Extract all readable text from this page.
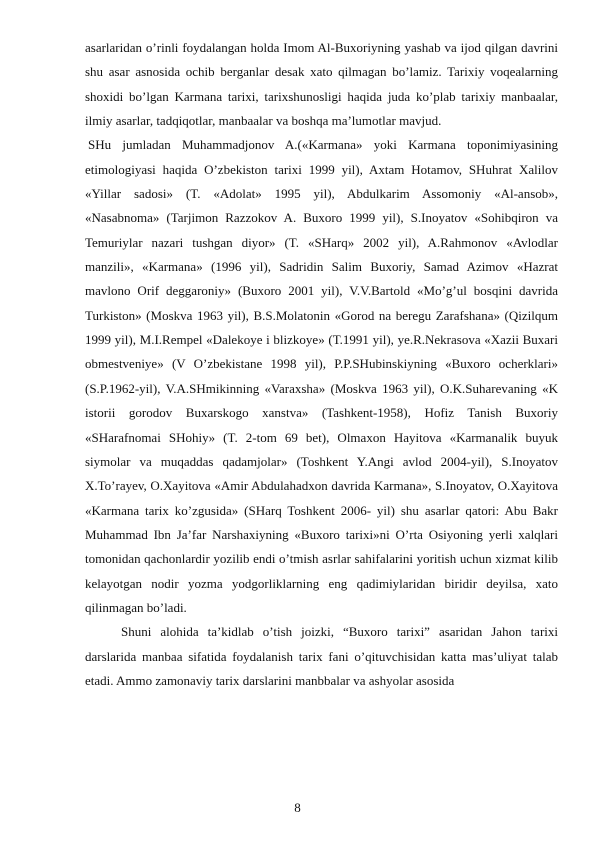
asarlaridan o’rinli foydalangan holda Imom Al-Buxoriyning yashab va ijod qilgan davrini shu asar asnosida ochib berganlar desak xato qilmagan bo’lamiz. Tarixiy voqealarning shoxidi bo’lgan Karmana tarixi, tarixshunosligi haqida juda ko’plab tarixiy manbaalar, ilmiy asarlar, tadqiqotlar, manbaalar va boshqa ma’lumotlar mavjud.

SHu jumladan Muhammadjonov A.(«Karmana» yoki Karmana toponimiyasining etimologiyasi haqida O’zbekiston tarixi 1999 yil), Axtam Hotamov, SHuhrat Xalilov «Yillar sadosi» (T. «Adolat» 1995 yil), Abdulkarim Assomoniy «Al-ansob», «Nasabnoma» (Tarjimon Razzokov A. Buxoro 1999 yil), S.Inoyatov «Sohibqiron va Temuriylar nazari tushgan diyor» (T. «SHarq» 2002 yil), A.Rahmonov «Avlodlar manzili», «Karmana» (1996 yil), Sadridin Salim Buxoriy, Samad Azimov «Hazrat mavlono Orif deggaroniy» (Buxoro 2001 yil), V.V.Bartold «Mo’g’ul bosqini davrida Turkiston» (Moskva 1963 yil), B.S.Molatonin «Gorod na beregu Zarafshana» (Qizilqum 1999 yil), M.I.Rempel «Dalekoye i blizkoye» (T.1991 yil), ye.R.Nekrasova «Xazii Buxari obmestveniye» (V O’zbekistane 1998 yil), P.P.SHubinskiyning «Buxoro ocherklari» (S.P.1962-yil), V.A.SHmikinning «Varaxsha» (Moskva 1963 yil), O.K.Suharevaning «K istorii gorodov Buxarskogo xanstva» (Tashkent-1958), Hofiz Tanish Buxoriy «SHarafnomai SHohiy» (T. 2-tom 69 bet), Olmaxon Hayitova «Karmanalik buyuk siymolar va muqaddas qadamjolar» (Toshkent Y.Angi avlod 2004-yil), S.Inoyatov X.To’rayev, O.Xayitova «Amir Abdulahadxon davrida Karmana», S.Inoyatov, O.Xayitova «Karmana tarix ko’zgusida» (SHarq Toshkent 2006- yil) shu asarlar qatori: Abu Bakr Muhammad Ibn Ja’far Narshaxiyning «Buxoro tarixi»ni O’rta Osiyoning yerli xalqlari tomonidan qachonlardir yozilib endi o’tmish asrlar sahifalarini yoritish uchun xizmat kilib kelayotgan nodir yozma yodgorliklarning eng qadimiylaridan biridir deyilsa, xato qilinmagan bo’ladi.

Shuni alohida ta’kidlab o’tish joizki, “Buxoro tarixi” asaridan Jahon tarixi darslarida manbaa sifatida foydalanish tarix fani o’qituvchisidan katta mas’uliyat talab etadi. Ammo zamonaviy tarix darslarini manbbalar va ashyolar asosida

8
